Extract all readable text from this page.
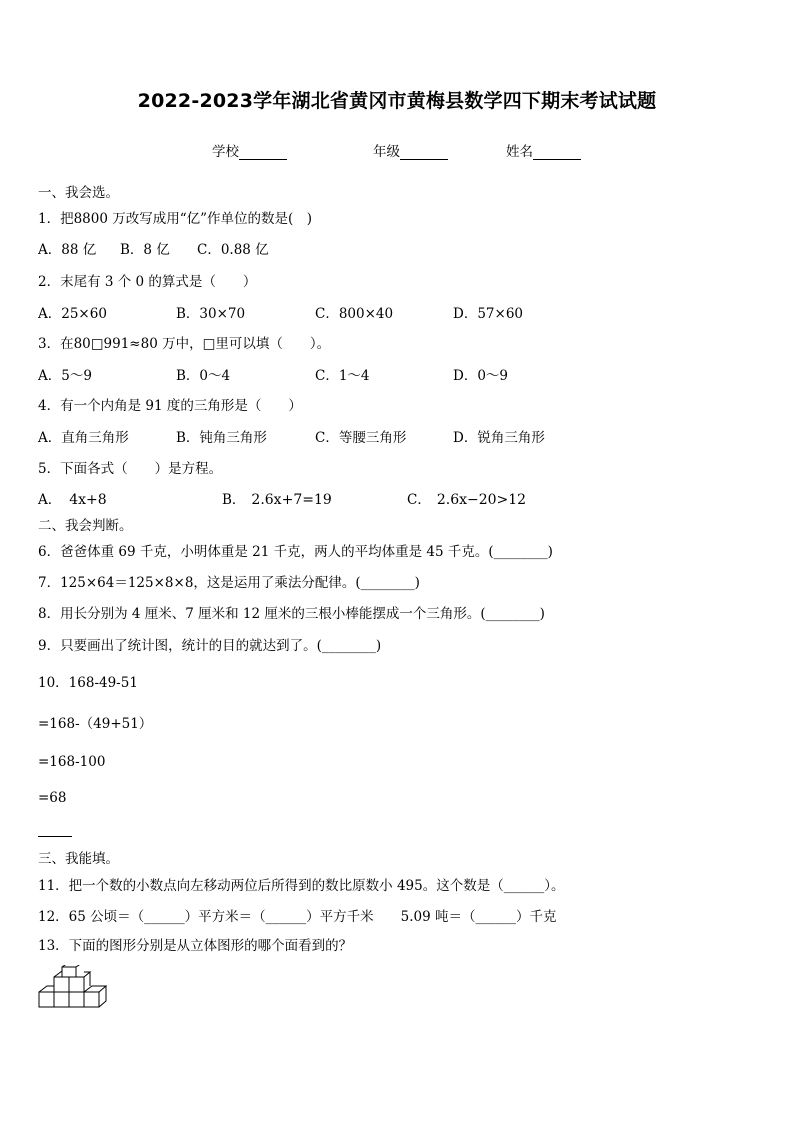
2022-2023学年湖北省黄冈市黄梅县数学四下期末考试试题
学校	年级	姓名
一、我会选。
1．把8800 万改写成用“亿”作单位的数是(　)
A．88 亿 B．8 亿 C．0.88 亿
2．末尾有 3 个 0 的算式是（　　）
A．25×60	B．30×70	C．800×40	D．57×60
3．在80□991≈80 万中，□里可以填（　　）。
A．5～9	B．0～4	C．1～4	D．0～9
4．有一个内角是 91 度的三角形是（　　）
A．直角三角形	B．钝角三角形	C．等腰三角形	D．锐角三角形
5．下面各式（　　）是方程。
A． 4x+8	B． 2.6x+7=19	C． 2.6x−20>12
二、我会判断。
6．爸爸体重 69 千克，小明体重是 21 千克，两人的平均体重是 45 千克。(________)
7．125×64＝125×8×8，这是运用了乘法分配律。(________)
8．用长分别为 4 厘米、7 厘米和 12 厘米的三根小棒能摆成一个三角形。(________)
9．只要画出了统计图，统计的目的就达到了。(________)
10．168-49-51
=168-（49+51）
=168-100
=68
三、我能填。
11．把一个数的小数点向左移动两位后所得到的数比原数小 495。这个数是（______）。
12．65 公顷＝（______）平方米＝（______）平方千米　　5.09 吨＝（______）千克
13．下面的图形分别是从立体图形的哪个面看到的？
